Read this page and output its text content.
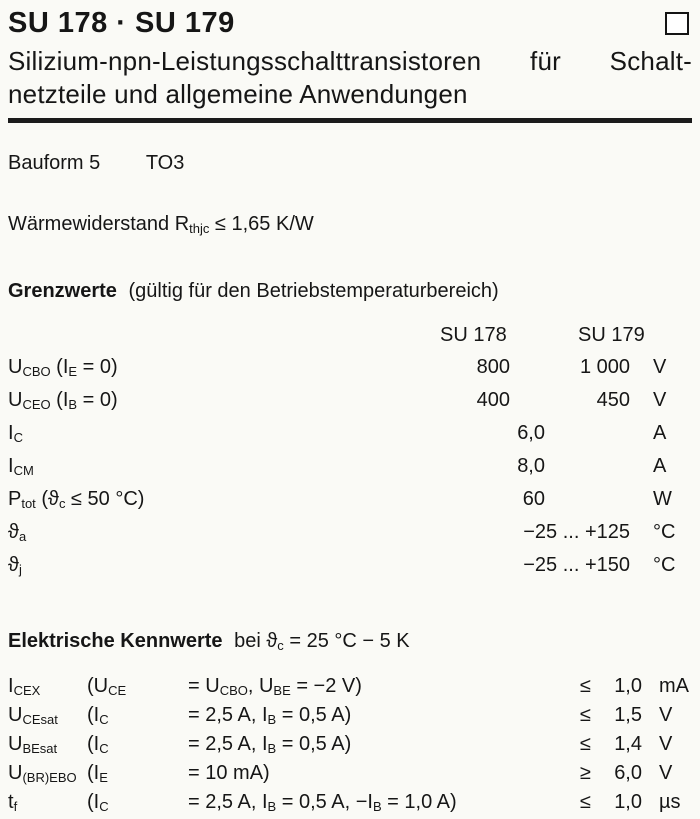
SU 178 · SU 179
Silizium-npn-Leistungsschalttransistoren für Schalt-
netzteile und allgemeine Anwendungen
Bauform 5 TO3
Wärmewiderstand $R_{thjc} \le 1,65$ K/W
Grenzwerte (gültig für den Betriebstemperaturbereich)
SU 178	SU 179
$U_{CBO}$ $(I_E = 0)$	800	1 000 V
$U_{CEO}$ $(I_B = 0)$	400	450 V
$I_C$	6,0	A
$I_{CM}$	8,0	A
$P_{tot}$ ($ϑ_c \le 50$ °C)	60	W
$ϑ_a$	−25 ... +125 °C
$ϑ_j$	−25 ... +150 °C
Elektrische Kennwerte bei $ϑ_c = 25$ °C − 5 K
$I_{CEX}$	($U_{CE}$	= $U_{CBO}$, $U_{BE} = -2$ V)	≤	1,0 mA
$U_{CEsat}$	($I_C$	= 2,5 A, $I_B = 0,5$ A)	≤	1,5 V
$U_{BEsat}$	($I_C$	= 2,5 A, $I_B = 0,5$ A)	≤	1,4 V
$U_{(BR)EBO}$ ($I_E$	= 10 mA)	≥	6,0 V
$t_f$	($I_C$	= 2,5 A, $I_B = 0,5$ A, $-I_B = 1,0$ A)	≤	1,0 µs
